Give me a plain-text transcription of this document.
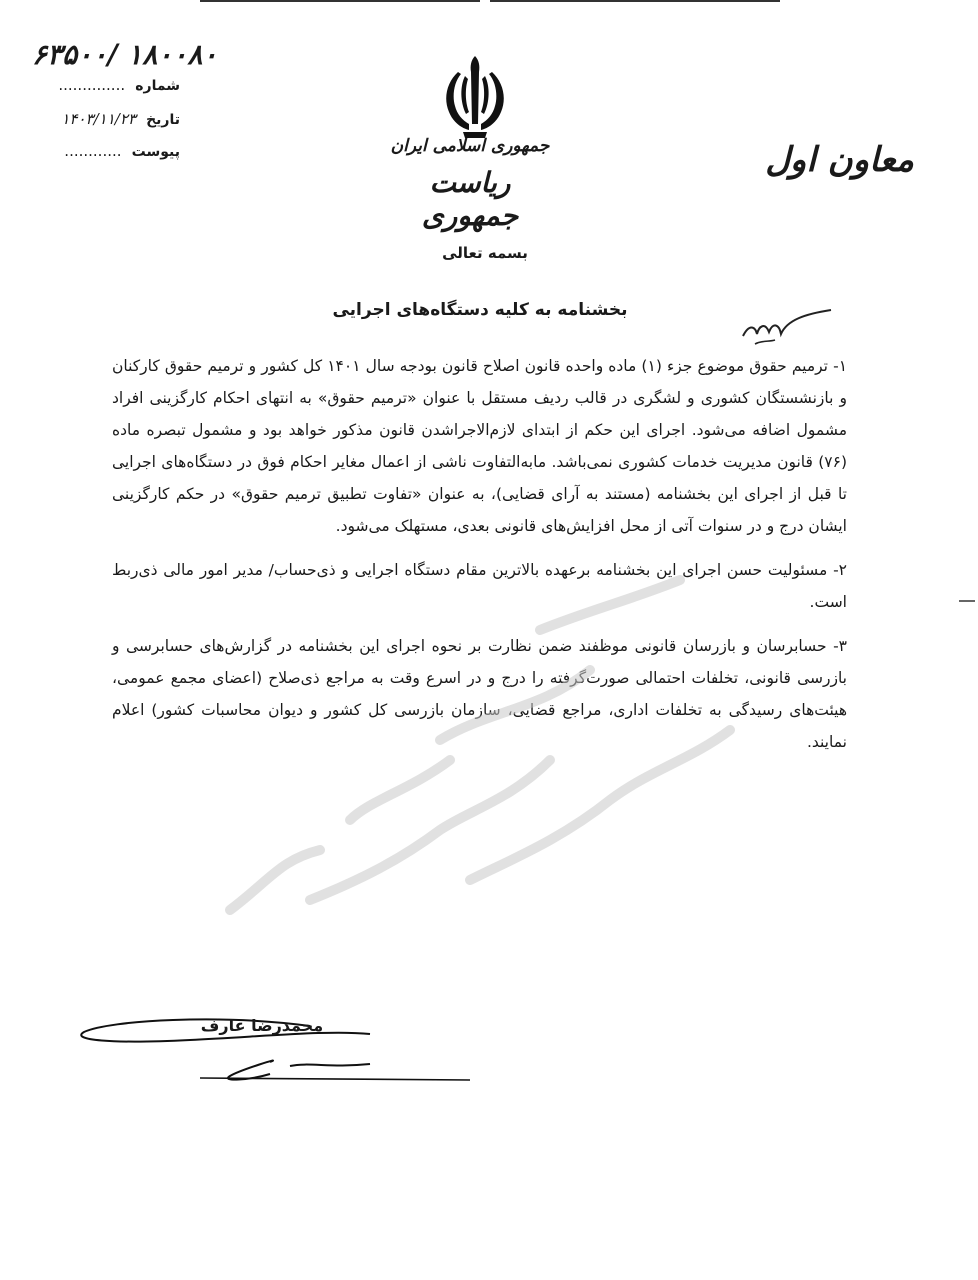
۶۳۵۰۰/ ۱۸۰۰۸۰
شماره ..............
تاریخ ۱۴۰۳/۱۱/۲۳
پیوست ............	جمهوری اسلامی ایران
ریاست جمهوری
معاون اول
بسمه تعالی
بخشنامه به کلیه دستگاه‌های اجرایی

۱- ترمیم حقوق موضوع جزء (۱) ماده واحده قانون اصلاح قانون بودجه سال ۱۴۰۱ کل کشور و ترمیم حقوق کارکنان و بازنشستگان کشوری و لشگری در قالب ردیف مستقل با عنوان «ترمیم حقوق» به انتهای احکام کارگزینی افراد مشمول اضافه می‌شود. اجرای این حکم از ابتدای لازم‌الاجراشدن قانون مذکور خواهد بود و مشمول تبصره ماده (۷۶) قانون مدیریت خدمات کشوری نمی‌باشد. مابه‌التفاوت ناشی از اعمال مغایر احکام فوق در دستگاه‌های اجرایی تا قبل از اجرای این بخشنامه (مستند به آرای قضایی)، به عنوان «تفاوت تطبیق ترمیم حقوق» در حکم کارگزینی ایشان درج و در سنوات آتی از محل افزایش‌های قانونی بعدی، مستهلک می‌شود.

۲- مسئولیت حسن اجرای این بخشنامه برعهده بالاترین مقام دستگاه اجرایی و ذی‌حساب/ مدیر امور مالی ذی‌ربط است.

۳- حسابرسان و بازرسان قانونی موظفند ضمن نظارت بر نحوه اجرای این بخشنامه در گزارش‌های حسابرسی و بازرسی قانونی، تخلفات احتمالی صورت‌گرفته را درج و در اسرع وقت به مراجع ذی‌صلاح (اعضای مجمع عمومی، هیئت‌های رسیدگی به تخلفات اداری، مراجع قضایی، سازمان بازرسی کل کشور و دیوان محاسبات کشور) اعلام نمایند.

محمدرضا عارف
